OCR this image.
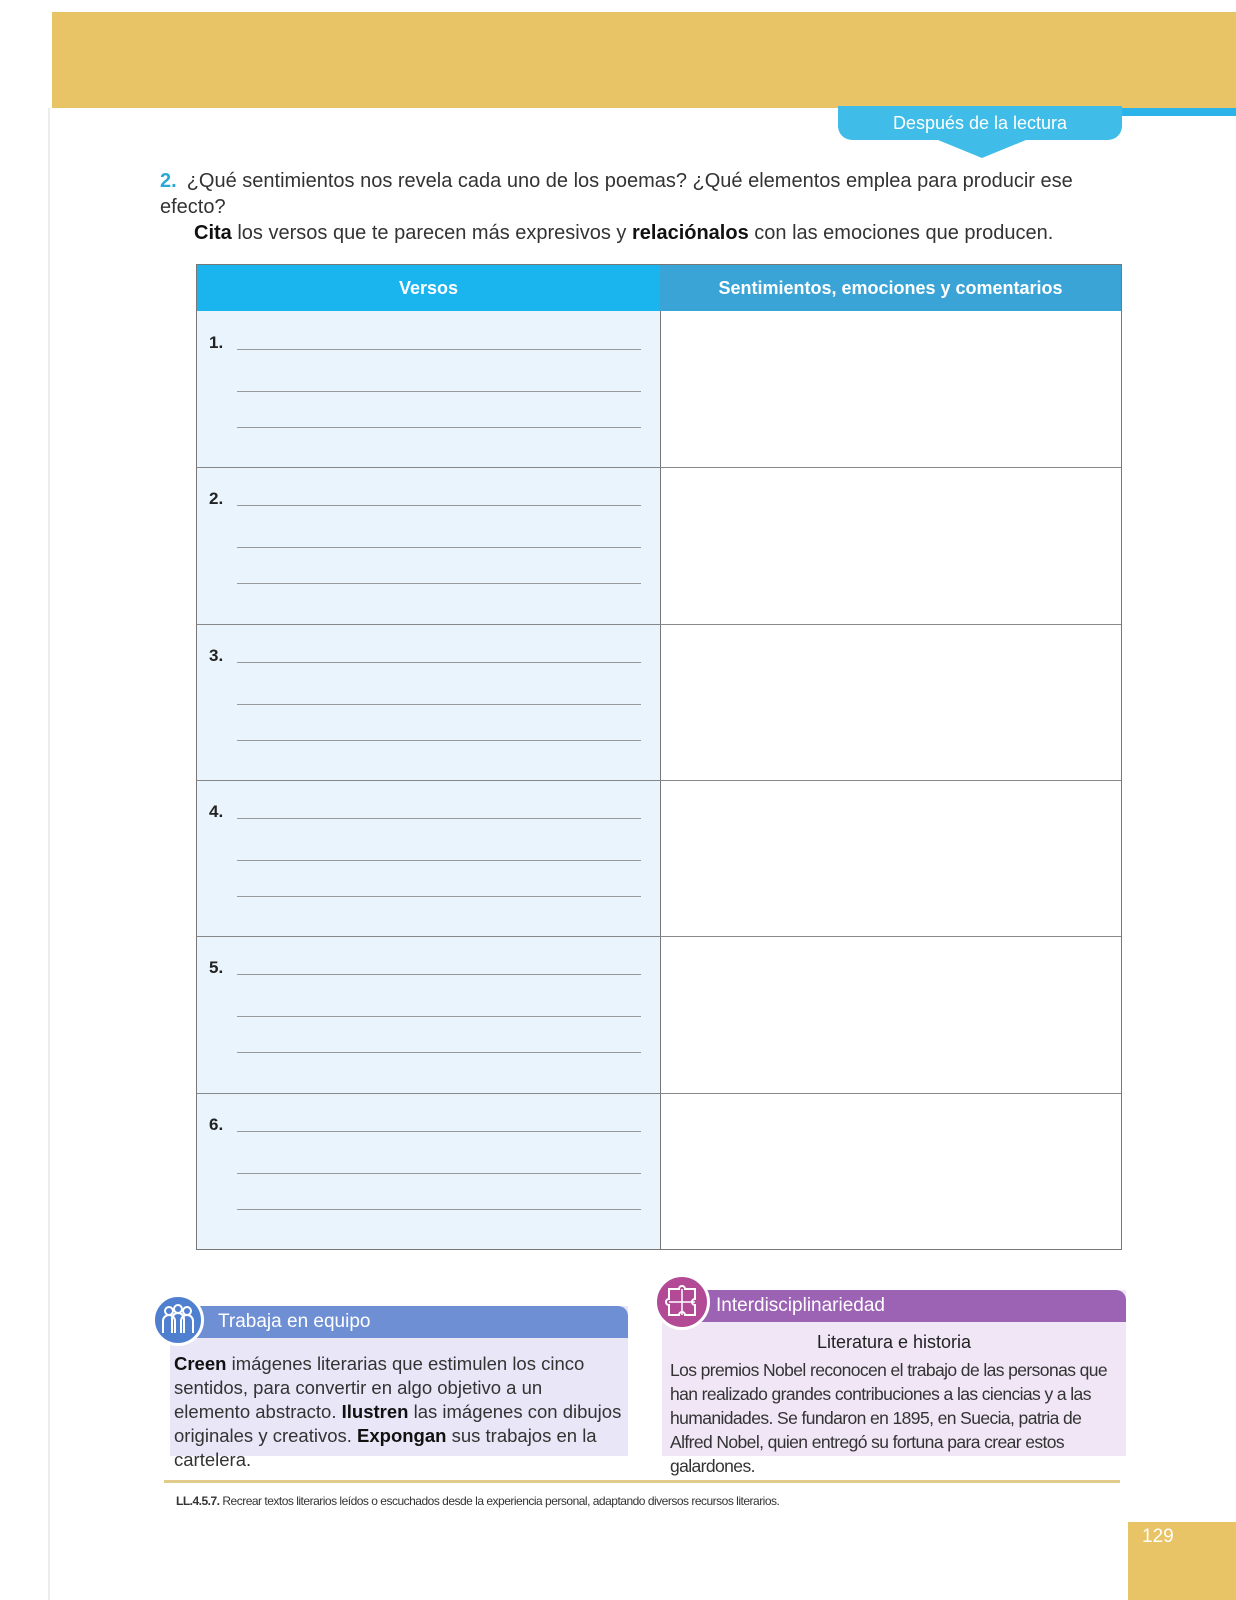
Después de la lectura
2. ¿Qué sentimientos nos revela cada uno de los poemas? ¿Qué elementos emplea para producir ese efecto?
Cita los versos que te parecen más expresivos y relaciónalos con las emociones que producen.
Versos	Sentimientos, emociones y comentarios
1.
2.
3.
4.
5.
6.
Trabaja en equipo
Creen imágenes literarias que estimulen los cinco sentidos, para convertir en algo objetivo a un elemento abstracto. Ilustren las imágenes con dibujos originales y creativos. Expongan sus trabajos en la cartelera.
Interdisciplinariedad
Literatura e historia
Los premios Nobel reconocen el trabajo de las personas que han realizado grandes contribuciones a las ciencias y a las humanidades. Se fundaron en 1895, en Suecia, patria de Alfred Nobel, quien entregó su fortuna para crear estos galardones.
LL.4.5.7. Recrear textos literarios leídos o escuchados desde la experiencia personal, adaptando diversos recursos literarios.
129
